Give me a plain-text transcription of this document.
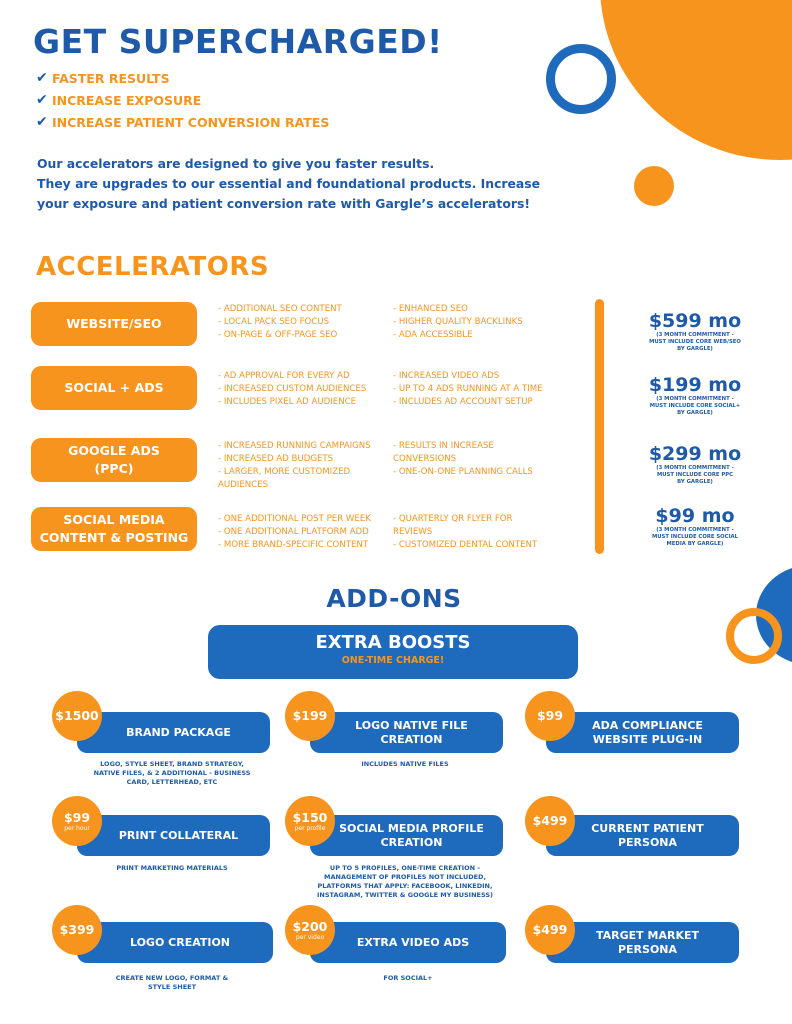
GET SUPERCHARGED!
✔ FASTER RESULTS
✔ INCREASE EXPOSURE
✔ INCREASE PATIENT CONVERSION RATES
Our accelerators are designed to give you faster results.
They are upgrades to our essential and foundational products. Increase
your exposure and patient conversion rate with Gargle’s accelerators!
ACCELERATORS
WEBSITE/SEO
- ADDITIONAL SEO CONTENT
- LOCAL PACK SEO FOCUS
- ON-PAGE & OFF-PAGE SEO
- ENHANCED SEO
- HIGHER QUALITY BACKLINKS
- ADA ACCESSIBLE
$599 mo
(3 MONTH COMMITMENT -
MUST INCLUDE CORE WEB/SEO
BY GARGLE)
SOCIAL + ADS
- AD APPROVAL FOR EVERY AD
- INCREASED CUSTOM AUDIENCES
- INCLUDES PIXEL AD AUDIENCE
- INCREASED VIDEO ADS
- UP TO 4 ADS RUNNING AT A TIME
- INCLUDES AD ACCOUNT SETUP
$199 mo
(3 MONTH COMMITMENT -
MUST INCLUDE CORE SOCIAL+
BY GARGLE)
GOOGLE ADS
(PPC)
- INCREASED RUNNING CAMPAIGNS
- INCREASED AD BUDGETS
- LARGER, MORE CUSTOMIZED
AUDIENCES
- RESULTS IN INCREASE
CONVERSIONS
- ONE-ON-ONE PLANNING CALLS
$299 mo
(3 MONTH COMMITMENT -
MUST INCLUDE CORE PPC
BY GARGLE)
SOCIAL MEDIA
CONTENT & POSTING
- ONE ADDITIONAL POST PER WEEK
- ONE ADDITIONAL PLATFORM ADD
- MORE BRAND-SPECIFIC CONTENT
- QUARTERLY QR FLYER FOR
REVIEWS
- CUSTOMIZED DENTAL CONTENT
$99 mo
(3 MONTH COMMITMENT -
MUST INCLUDE CORE SOCIAL
MEDIA BY GARGLE)
ADD-ONS
EXTRA BOOSTS
ONE-TIME CHARGE!
BRAND PACKAGE
$1500
LOGO, STYLE SHEET, BRAND STRATEGY,
NATIVE FILES, & 2 ADDITIONAL - BUSINESS
CARD, LETTERHEAD, ETC
LOGO NATIVE FILE
CREATION
$199
INCLUDES NATIVE FILES
ADA COMPLIANCE
WEBSITE PLUG-IN
$99
PRINT COLLATERAL
$99
per hour
PRINT MARKETING MATERIALS
SOCIAL MEDIA PROFILE
CREATION
$150
per profile
UP TO 5 PROFILES, ONE-TIME CREATION -
MANAGEMENT OF PROFILES NOT INCLUDED,
PLATFORMS THAT APPLY: FACEBOOK, LINKEDIN,
INSTAGRAM, TWITTER & GOOGLE MY BUSINESS)
CURRENT PATIENT
PERSONA
$499
LOGO CREATION
$399
CREATE NEW LOGO, FORMAT &
STYLE SHEET
EXTRA VIDEO ADS
$200
per video
FOR SOCIAL+
TARGET MARKET
PERSONA
$499
